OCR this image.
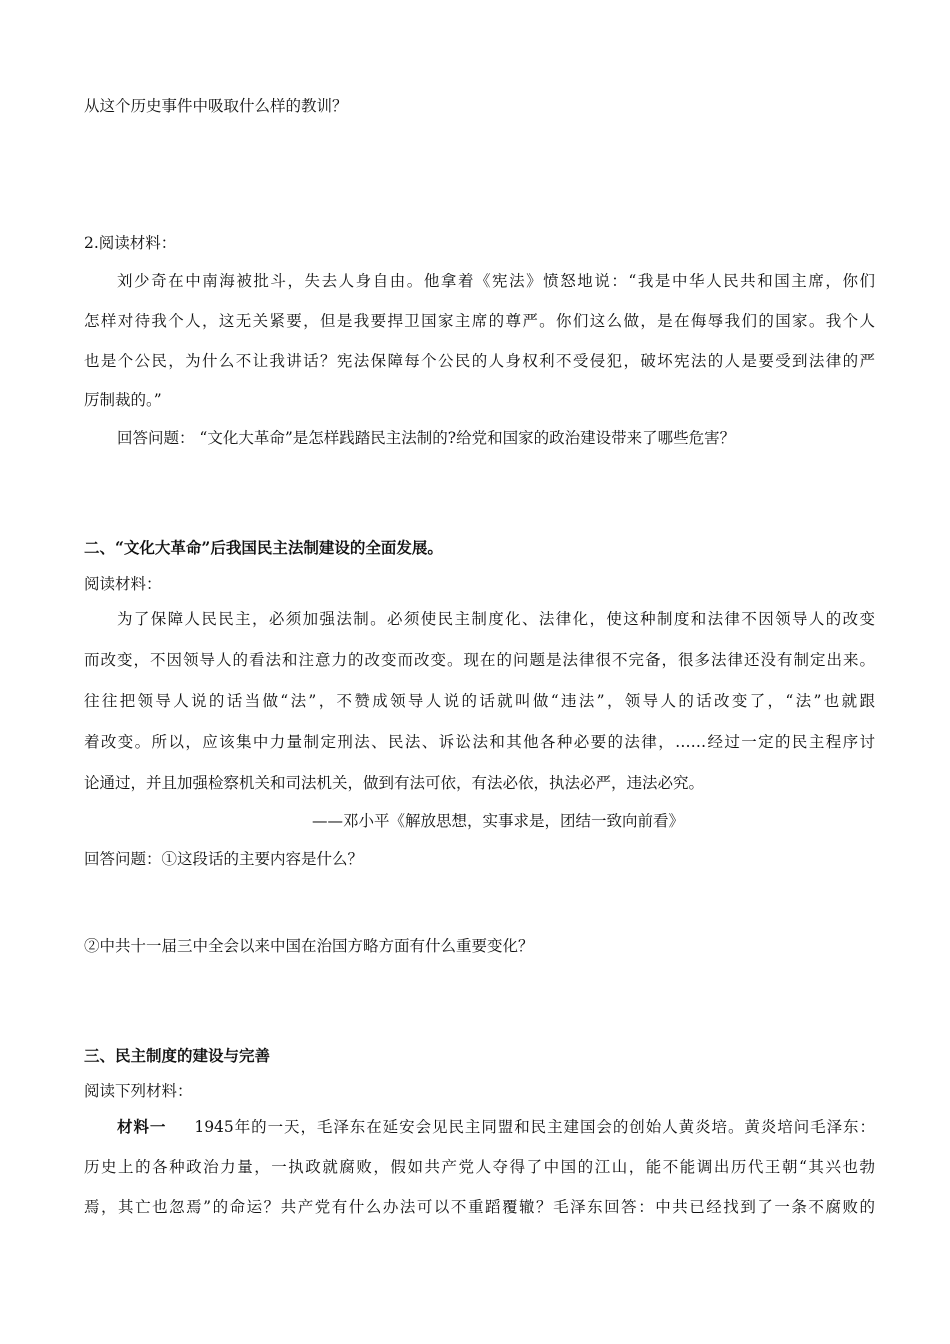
从这个历史事件中吸取什么样的教训？
2.阅读材料：
刘少奇在中南海被批斗，失去人身自由。他拿着《宪法》愤怒地说：“我是中华人民共和国主席，你们
怎样对待我个人，这无关紧要，但是我要捍卫国家主席的尊严。你们这么做，是在侮辱我们的国家。我个人
也是个公民，为什么不让我讲话？宪法保障每个公民的人身权利不受侵犯，破坏宪法的人是要受到法律的严
厉制裁的。”
回答问题： “文化大革命”是怎样践踏民主法制的?给党和国家的政治建设带来了哪些危害？
二、“文化大革命”后我国民主法制建设的全面发展。
阅读材料：
为了保障人民民主，必须加强法制。必须使民主制度化、法律化，使这种制度和法律不因领导人的改变
而改变，不因领导人的看法和注意力的改变而改变。现在的问题是法律很不完备，很多法律还没有制定出来。
往往把领导人说的话当做“法”，不赞成领导人说的话就叫做“违法”，领导人的话改变了，“法”也就跟
着改变。所以，应该集中力量制定刑法、民法、诉讼法和其他各种必要的法律，……经过一定的民主程序讨
论通过，并且加强检察机关和司法机关，做到有法可依，有法必依，执法必严，违法必究。
——邓小平《解放思想，实事求是，团结一致向前看》
回答问题：①这段话的主要内容是什么？
②中共十一届三中全会以来中国在治国方略方面有什么重要变化？
三、民主制度的建设与完善
阅读下列材料：
材料一 1945年的一天，毛泽东在延安会见民主同盟和民主建国会的创始人黄炎培。黄炎培问毛泽东：
历史上的各种政治力量，一执政就腐败，假如共产党人夺得了中国的江山，能不能调出历代王朝“其兴也勃
焉，其亡也忽焉”的命运？共产党有什么办法可以不重蹈覆辙？毛泽东回答：中共已经找到了一条不腐败的
